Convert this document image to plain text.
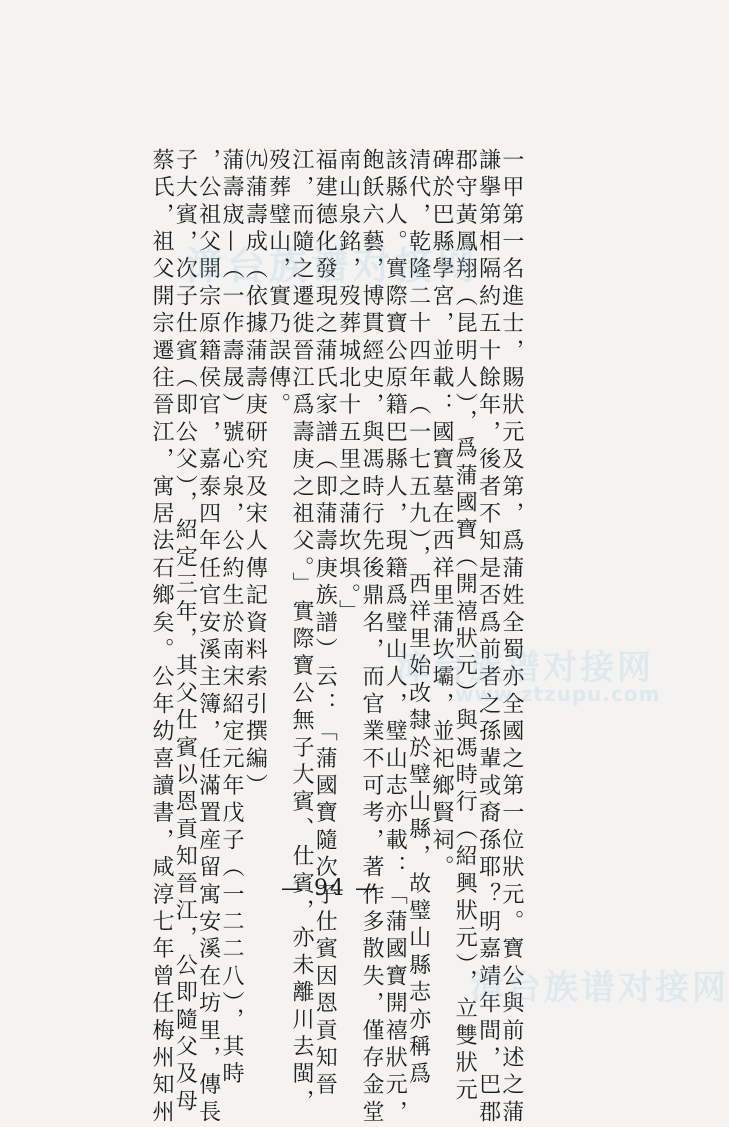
一甲第一名進士，賜狀元及第，爲蒲姓全蜀亦全國之第一位狀元。寶公與前述之蒲
謙擧第相隔約五十餘年，後者不知是否爲前者之孫輩或裔孫耶？明嘉靖年間，巴郡
郡守黃鳳翔（昆明人），爲蒲國寶（開禧狀元）與馮時行（紹興狀元），立雙狀元
碑於巴縣學宮，並載：國寶墓在西祥里蒲坎壩，並祀鄉賢祠。
清代，乾隆二十四年（一七五九），西祥里始改隸於璧山縣，故璧山縣志亦稱爲
該縣人。實際寶公原籍巴縣人，現籍爲璧山人，璧山志亦載：「蒲國寶開禧狀元，
飽飫六藝，博貫經史，與馮時行先後鼎名，而官業不可考，著作多散失，僅存金堂
南山泉銘，歿葬城北十五里之蒲坎埧。」
福建德化發現之蒲氏家譜（即蒲壽庚族譜）云：「蒲國寶隨次子仕賓因恩貢知晉
江，而隨之遷徙晉江爲壽庚之祖父。」實際寶公無子大賓、仕賓，亦未離川去閩，
歿葬璧山，實乃誤傳。
㈨蒲壽成（依據蒲壽庚研究及宋人傳記資料索引撰編）
蒲壽宬—（一作壽晟）號心泉，公約生於南宋紹定元年戊子（一二二八），其時
，公祖父開宗原籍侯官，嘉泰四年任官安溪主簿，任滿置産留寓安溪在坊里，傳長
子大賓，次子仕賓（即公父），紹定三年，其父仕賓以恩貢知晉江，公即隨父及母
蔡氏，祖父開宗遷往晉江，寓居法石鄉矣。公年幼喜讀書，咸淳七年曾任梅州知州 漳台族谱对接网
漳台族谱对接网
www.ztzupu.com
漳台族谱对接网
— 94 —
